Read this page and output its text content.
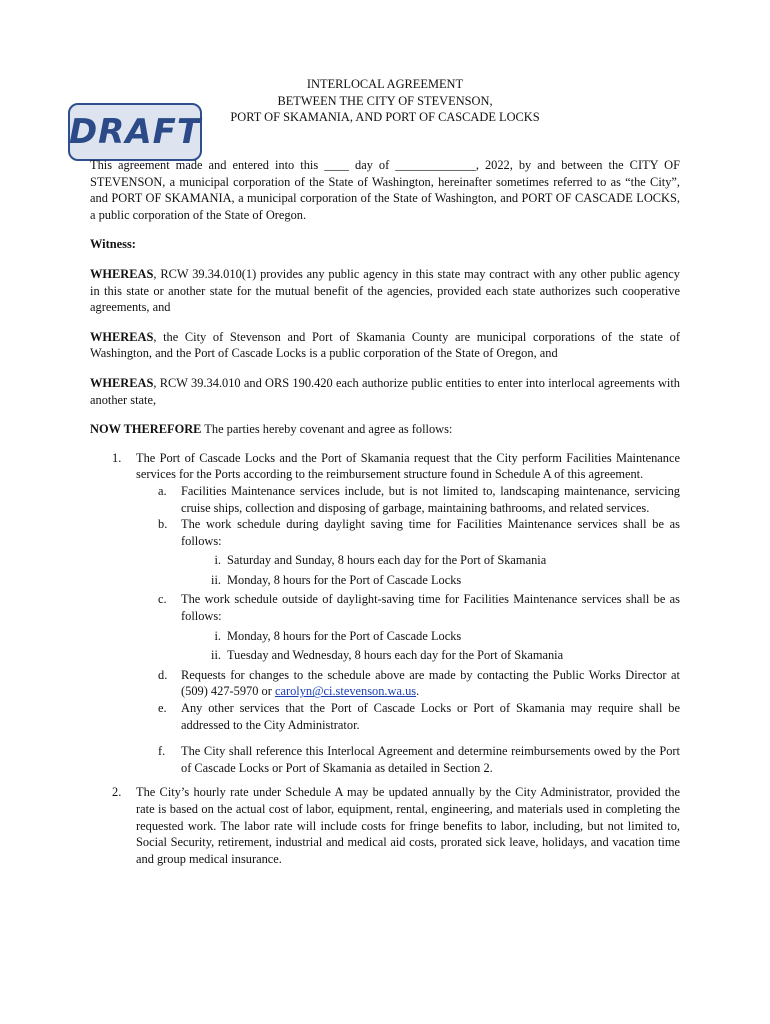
INTERLOCAL AGREEMENT
BETWEEN THE CITY OF STEVENSON,
PORT OF SKAMANIA, AND PORT OF CASCADE LOCKS
DRAFT

This agreement made and entered into this ____ day of _____________, 2022, by and between the CITY OF STEVENSON, a municipal corporation of the State of Washington, hereinafter sometimes referred to as “the City”, and PORT OF SKAMANIA, a municipal corporation of the State of Washington, and PORT OF CASCADE LOCKS, a public corporation of the State of Oregon.

Witness:

WHEREAS, RCW 39.34.010(1) provides any public agency in this state may contract with any other public agency in this state or another state for the mutual benefit of the agencies, provided each state authorizes such cooperative agreements, and

WHEREAS, the City of Stevenson and Port of Skamania County are municipal corporations of the state of Washington, and the Port of Cascade Locks is a public corporation of the State of Oregon, and

WHEREAS, RCW 39.34.010 and ORS 190.420 each authorize public entities to enter into interlocal agreements with another state,

NOW THEREFORE The parties hereby covenant and agree as follows:

1. The Port of Cascade Locks and the Port of Skamania request that the City perform Facilities Maintenance services for the Ports according to the reimbursement structure found in Schedule A of this agreement.
a. Facilities Maintenance services include, but is not limited to, landscaping maintenance, servicing cruise ships, collection and disposing of garbage, maintaining bathrooms, and related services.
b. The work schedule during daylight saving time for Facilities Maintenance services shall be as follows:
i. Saturday and Sunday, 8 hours each day for the Port of Skamania
ii. Monday, 8 hours for the Port of Cascade Locks
c. The work schedule outside of daylight-saving time for Facilities Maintenance services shall be as follows:
i. Monday, 8 hours for the Port of Cascade Locks
ii. Tuesday and Wednesday, 8 hours each day for the Port of Skamania
d. Requests for changes to the schedule above are made by contacting the Public Works Director at (509) 427-5970 or carolyn@ci.stevenson.wa.us.
e. Any other services that the Port of Cascade Locks or Port of Skamania may require shall be addressed to the City Administrator.
f. The City shall reference this Interlocal Agreement and determine reimbursements owed by the Port of Cascade Locks or Port of Skamania as detailed in Section 2.
2. The City’s hourly rate under Schedule A may be updated annually by the City Administrator, provided the rate is based on the actual cost of labor, equipment, rental, engineering, and materials used in completing the requested work. The labor rate will include costs for fringe benefits to labor, including, but not limited to, Social Security, retirement, industrial and medical aid costs, prorated sick leave, holidays, and vacation time and group medical insurance.
